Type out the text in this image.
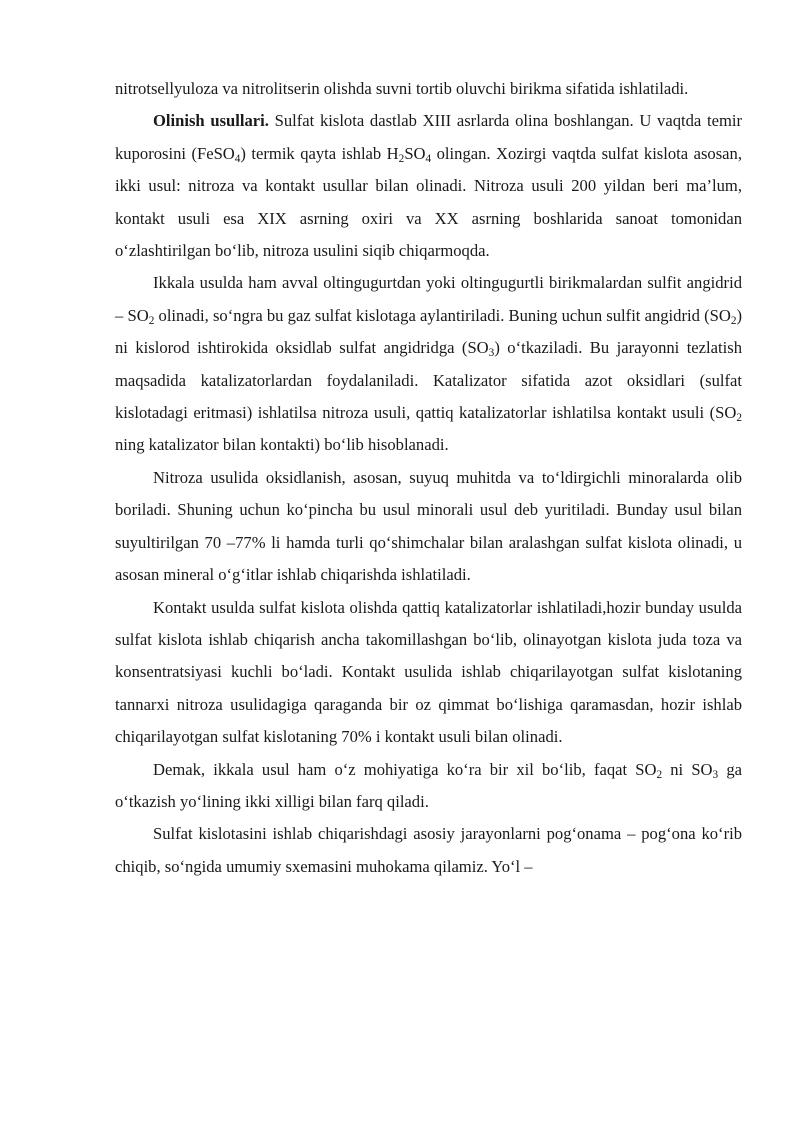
nitrotsellyuloza va nitrolitserin olishda suvni tortib oluvchi birikma sifatida ishlatiladi.

Olinish usullari. Sulfat kislota dastlab XIII asrlarda olina boshlangan. U vaqtda temir kuporosini (FeSO$_4$) termik qayta ishlab $H_2SO_4$ olingan. Xozirgi vaqtda sulfat kislota asosan, ikki usul: nitroza va kontakt usullar bilan olinadi. Nitroza usuli 200 yildan beri ma’lum, kontakt usuli esa XIX asrning oxiri va XX asrning boshlarida sanoat tomonidan o‘zlashtirilgan bo‘lib, nitroza usulini siqib chiqarmoqda.

Ikkala usulda ham avval oltingugurtdan yoki oltingugurtli birikmalardan sulfit angidrid – $SO_2$ olinadi, so‘ngra bu gaz sulfat kislotaga aylantiriladi. Buning uchun sulfit angidrid $(SO_2)$ ni kislorod ishtirokida oksidlab sulfat angidridga $(SO_3)$ o‘tkaziladi. Bu jarayonni tezlatish maqsadida katalizatorlardan foydalaniladi. Katalizator sifatida azot oksidlari (sulfat kislotadagi eritmasi) ishlatilsa nitroza usuli, qattiq katalizatorlar ishlatilsa kontakt usuli ($SO_2$ ning katalizator bilan kontakti) bo‘lib hisoblanadi.

Nitroza usulida oksidlanish, asosan, suyuq muhitda va to‘ldirgichli minoralarda olib boriladi. Shuning uchun ko‘pincha bu usul minorali usul deb yuritiladi. Bunday usul bilan suyultirilgan 70 –77% li hamda turli qo‘shimchalar bilan aralashgan sulfat kislota olinadi, u asosan mineral o‘g‘itlar ishlab chiqarishda ishlatiladi.

Kontakt usulda sulfat kislota olishda qattiq katalizatorlar ishlatiladi,hozir bunday usulda sulfat kislota ishlab chiqarish ancha takomillashgan bo‘lib, olinayotgan kislota juda toza va konsentratsiyasi kuchli bo‘ladi. Kontakt usulida ishlab chiqarilayotgan sulfat kislotaning tannarxi nitroza usulidagiga qaraganda bir oz qimmat bo‘lishiga qaramasdan, hozir ishlab chiqarilayotgan sulfat kislotaning 70% i kontakt usuli bilan olinadi.

Demak, ikkala usul ham o‘z mohiyatiga ko‘ra bir xil bo‘lib, faqat $SO_2$ ni $SO_3$ ga o‘tkazish yo‘lining ikki xilligi bilan farq qiladi.

Sulfat kislotasini ishlab chiqarishdagi asosiy jarayonlarni pog‘onama – pog‘ona ko‘rib chiqib, so‘ngida umumiy sxemasini muhokama qilamiz. Yo‘l –
